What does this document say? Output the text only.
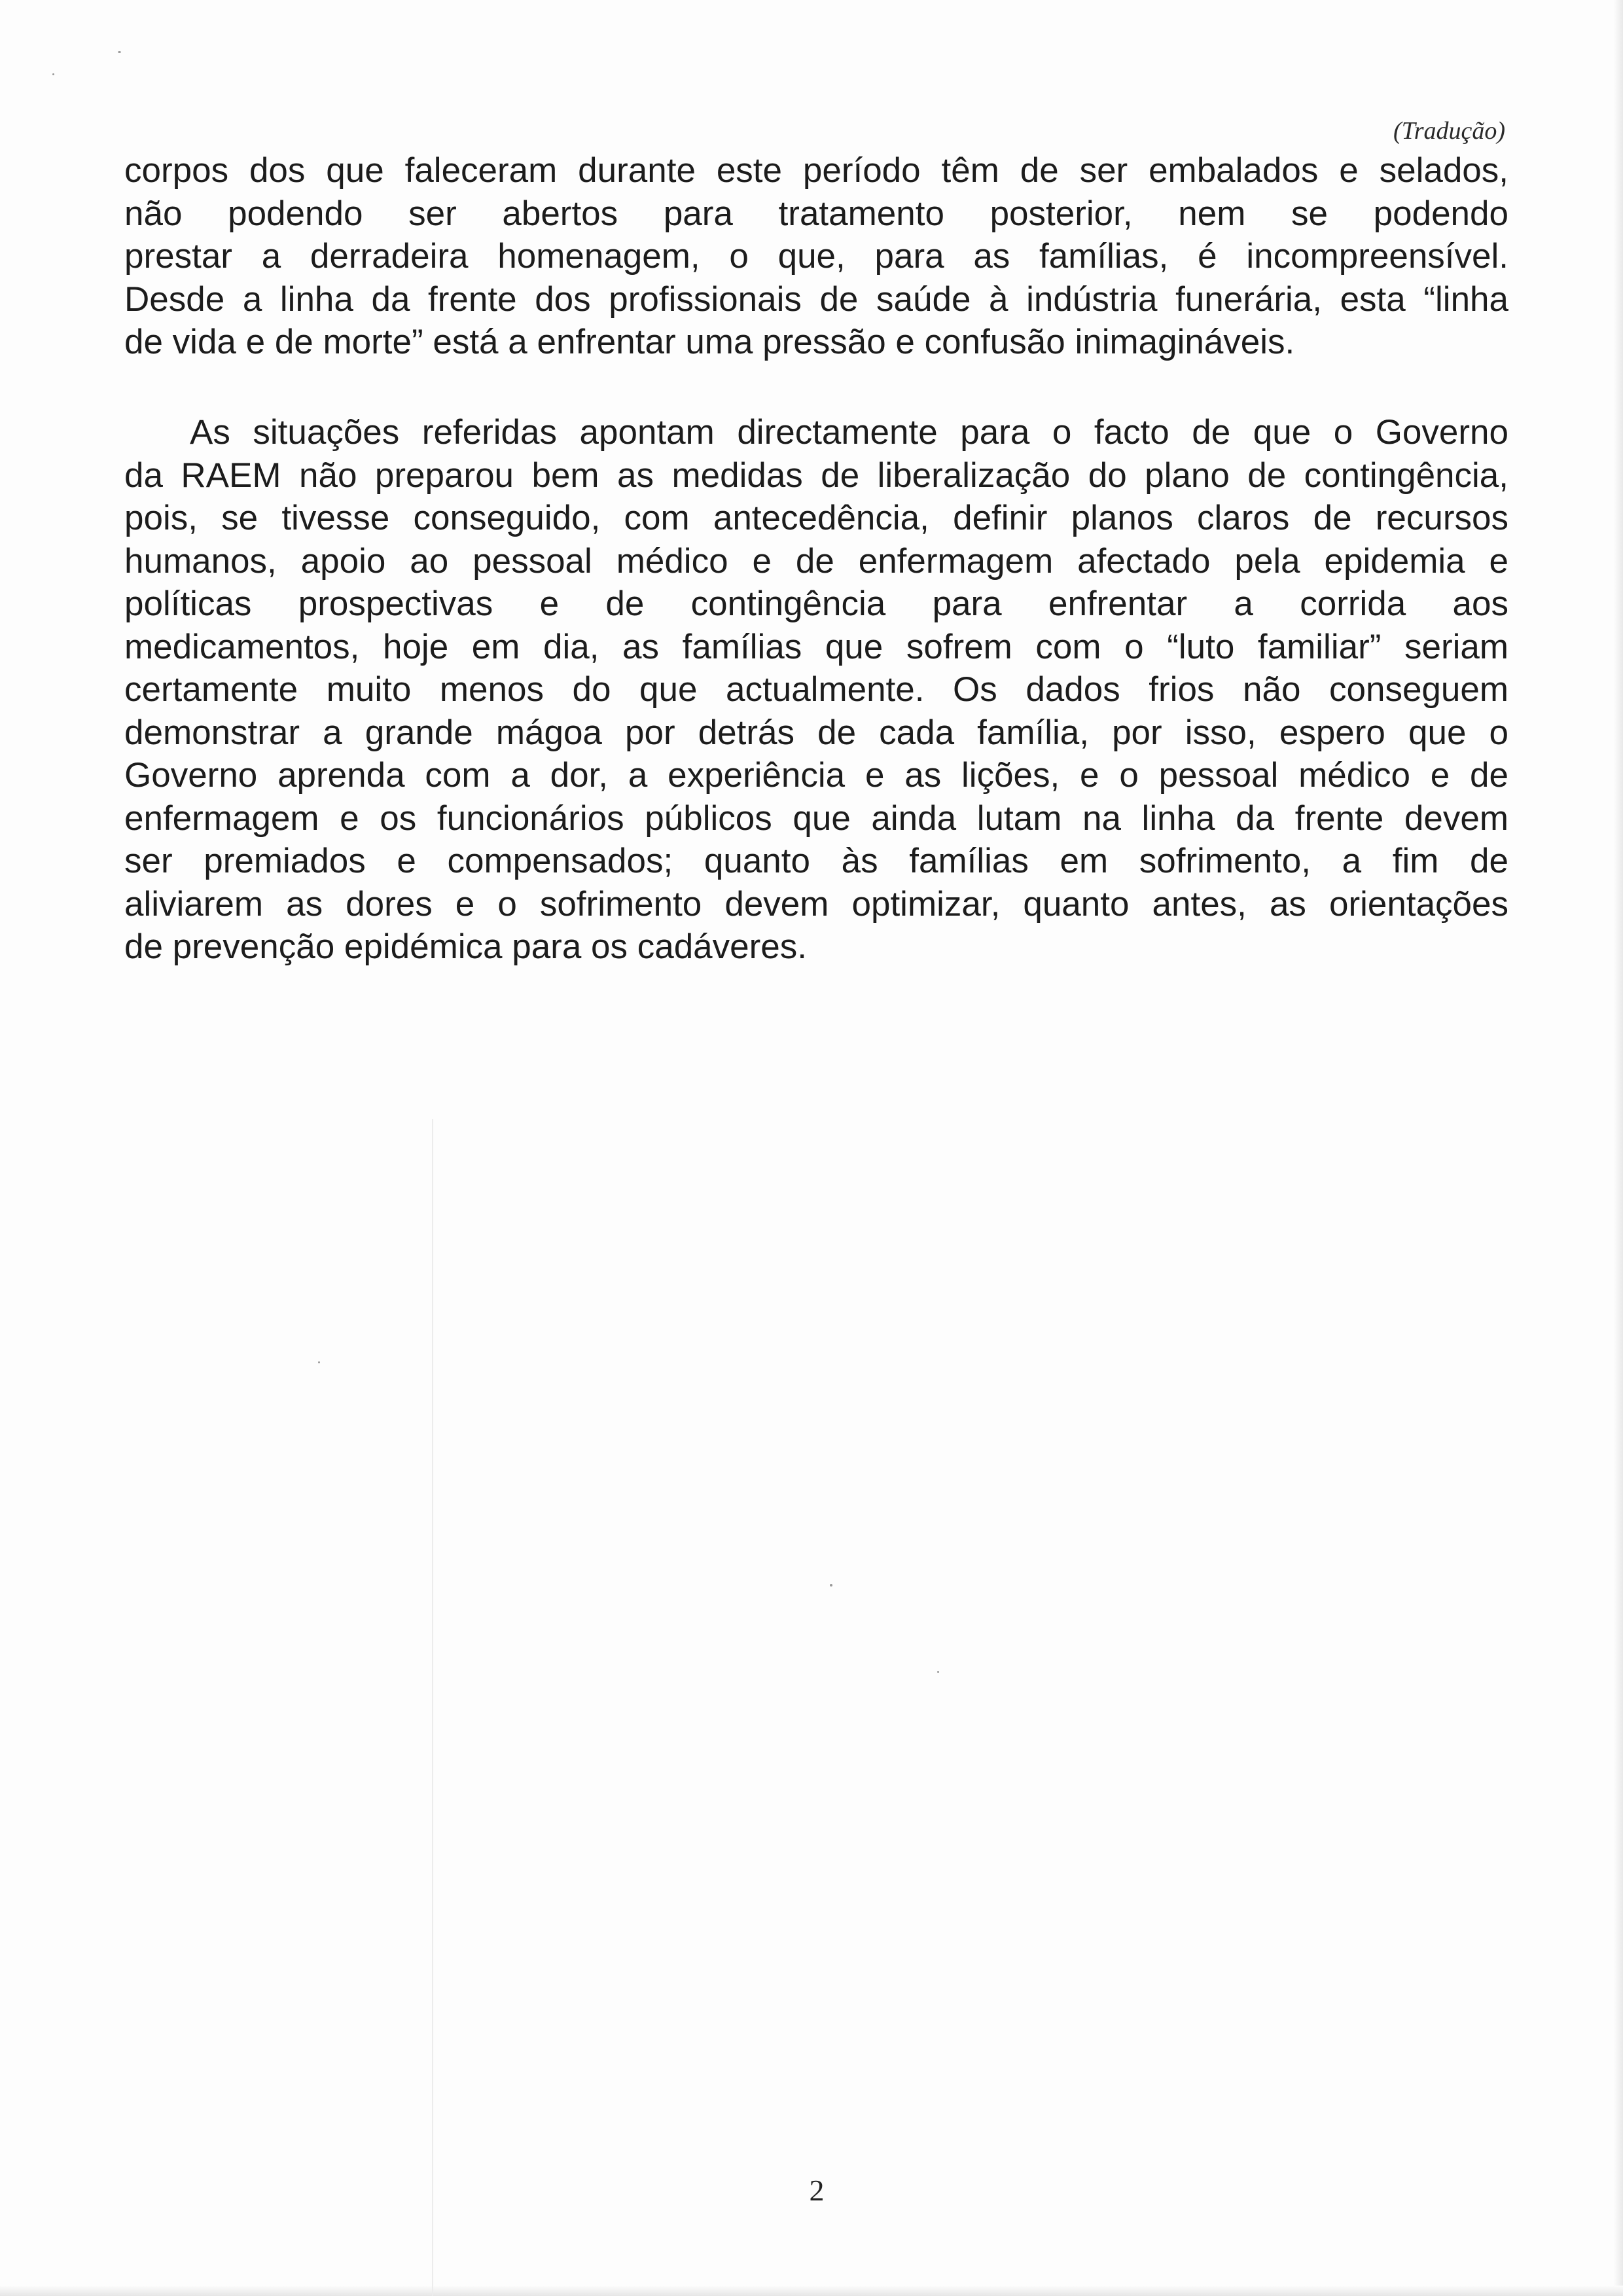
(Tradução)

corpos dos que faleceram durante este período têm de ser embalados e selados,
não podendo ser abertos para tratamento posterior, nem se podendo
prestar a derradeira homenagem, o que, para as famílias, é incompreensível.
Desde a linha da frente dos profissionais de saúde à indústria funerária, esta “linha
de vida e de morte” está a enfrentar uma pressão e confusão inimagináveis.

As situações referidas apontam directamente para o facto de que o Governo
da RAEM não preparou bem as medidas de liberalização do plano de contingência,
pois, se tivesse conseguido, com antecedência, definir planos claros de recursos
humanos, apoio ao pessoal médico e de enfermagem afectado pela epidemia e
políticas prospectivas e de contingência para enfrentar a corrida aos
medicamentos, hoje em dia, as famílias que sofrem com o “luto familiar” seriam
certamente muito menos do que actualmente. Os dados frios não conseguem
demonstrar a grande mágoa por detrás de cada família, por isso, espero que o
Governo aprenda com a dor, a experiência e as lições, e o pessoal médico e de
enfermagem e os funcionários públicos que ainda lutam na linha da frente devem
ser premiados e compensados; quanto às famílias em sofrimento, a fim de
aliviarem as dores e o sofrimento devem optimizar, quanto antes, as orientações
de prevenção epidémica para os cadáveres.

2
